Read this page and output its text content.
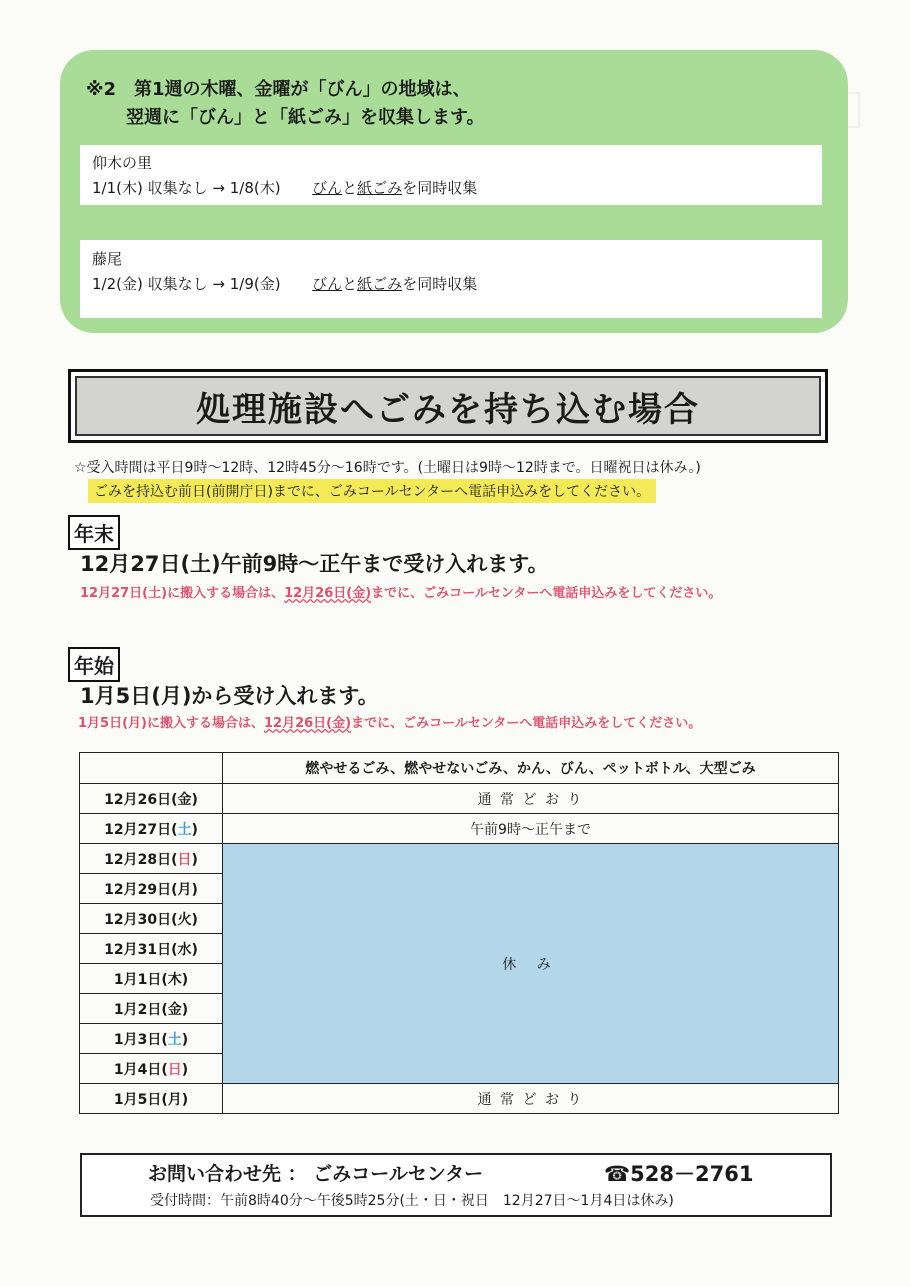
※2　第1週の木曜、金曜が「びん」の地域は、
翌週に「びん」と「紙ごみ」を収集します。
仰木の里
1/1(木) 収集なし → 1/8(木) びんと紙ごみを同時収集
藤尾
1/2(金) 収集なし → 1/9(金) びんと紙ごみを同時収集
処理施設へごみを持ち込む場合
☆受入時間は平日9時～12時、12時45分～16時です。(土曜日は9時～12時まで。日曜祝日は休み。)
ごみを持込む前日(前開庁日)までに、ごみコールセンターへ電話申込みをしてください。
年末
12月27日(土)午前9時～正午まで受け入れます。
12月27日(土)に搬入する場合は、12月26日(金)までに、ごみコールセンターへ電話申込みをしてください。
年始
1月5日(月)から受け入れます。
1月5日(月)に搬入する場合は、12月26日(金)までに、ごみコールセンターへ電話申込みをしてください。
	燃やせるごみ、燃やせないごみ、かん、びん、ペットボトル、大型ごみ
12月26日(金)	通 常 ど お り
12月27日(土)	午前9時～正午まで
12月28日(日)	休 み
12月29日(月)	
12月30日(火)	
12月31日(水)	
1月1日(木)	
1月2日(金)	
1月3日(土)	
1月4日(日)	
1月5日(月)	通 常 ど お り
お問い合わせ先 ： ごみコールセンター	☎528－2761
受付時間：午前8時40分～午後5時25分(土・日・祝日　12月27日～1月4日は休み)
